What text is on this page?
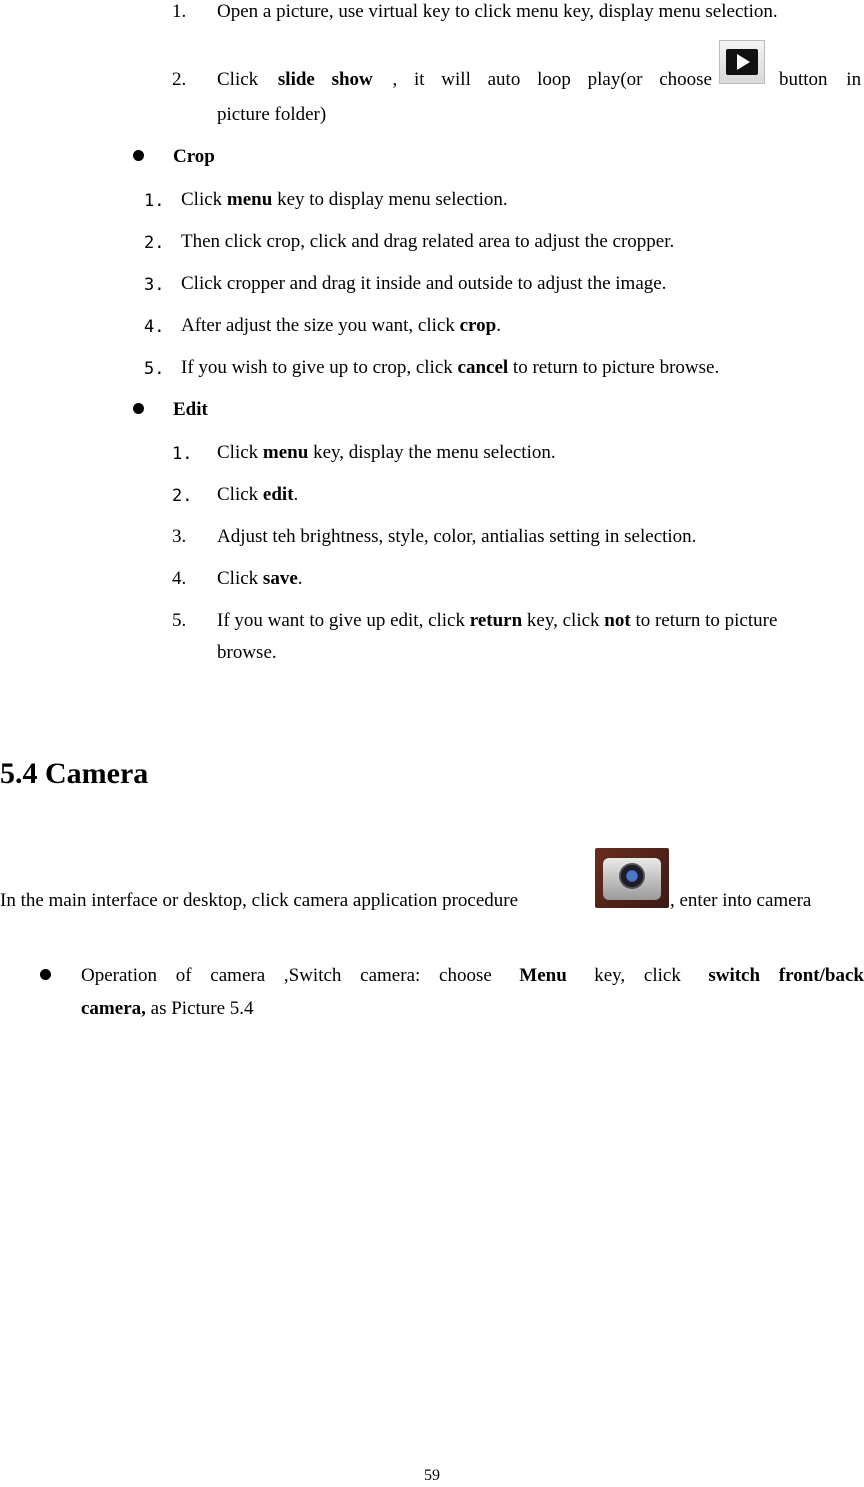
1. Open a picture, use virtual key to click menu key, display menu selection.
2. Click slide show , it will auto loop play(or choose	button in
picture folder)
Crop
1. Click menu key to display menu selection.
2. Then click crop, click and drag related area to adjust the cropper.
3. Click cropper and drag it inside and outside to adjust the image.
4. After adjust the size you want, click crop.
5. If you wish to give up to crop, click cancel to return to picture browse.
Edit
1. Click menu key, display the menu selection.
2. Click edit.
3. Adjust teh brightness, style, color, antialias setting in selection.
4. Click save.
5. If you want to give up edit, click return key, click not to return to picture
browse.
5.4 Camera
In the main interface or desktop, click camera application procedure	, enter into camera
Operation of camera ,Switch camera: choose Menu key, click switch front/back
camera, as Picture 5.4
59
